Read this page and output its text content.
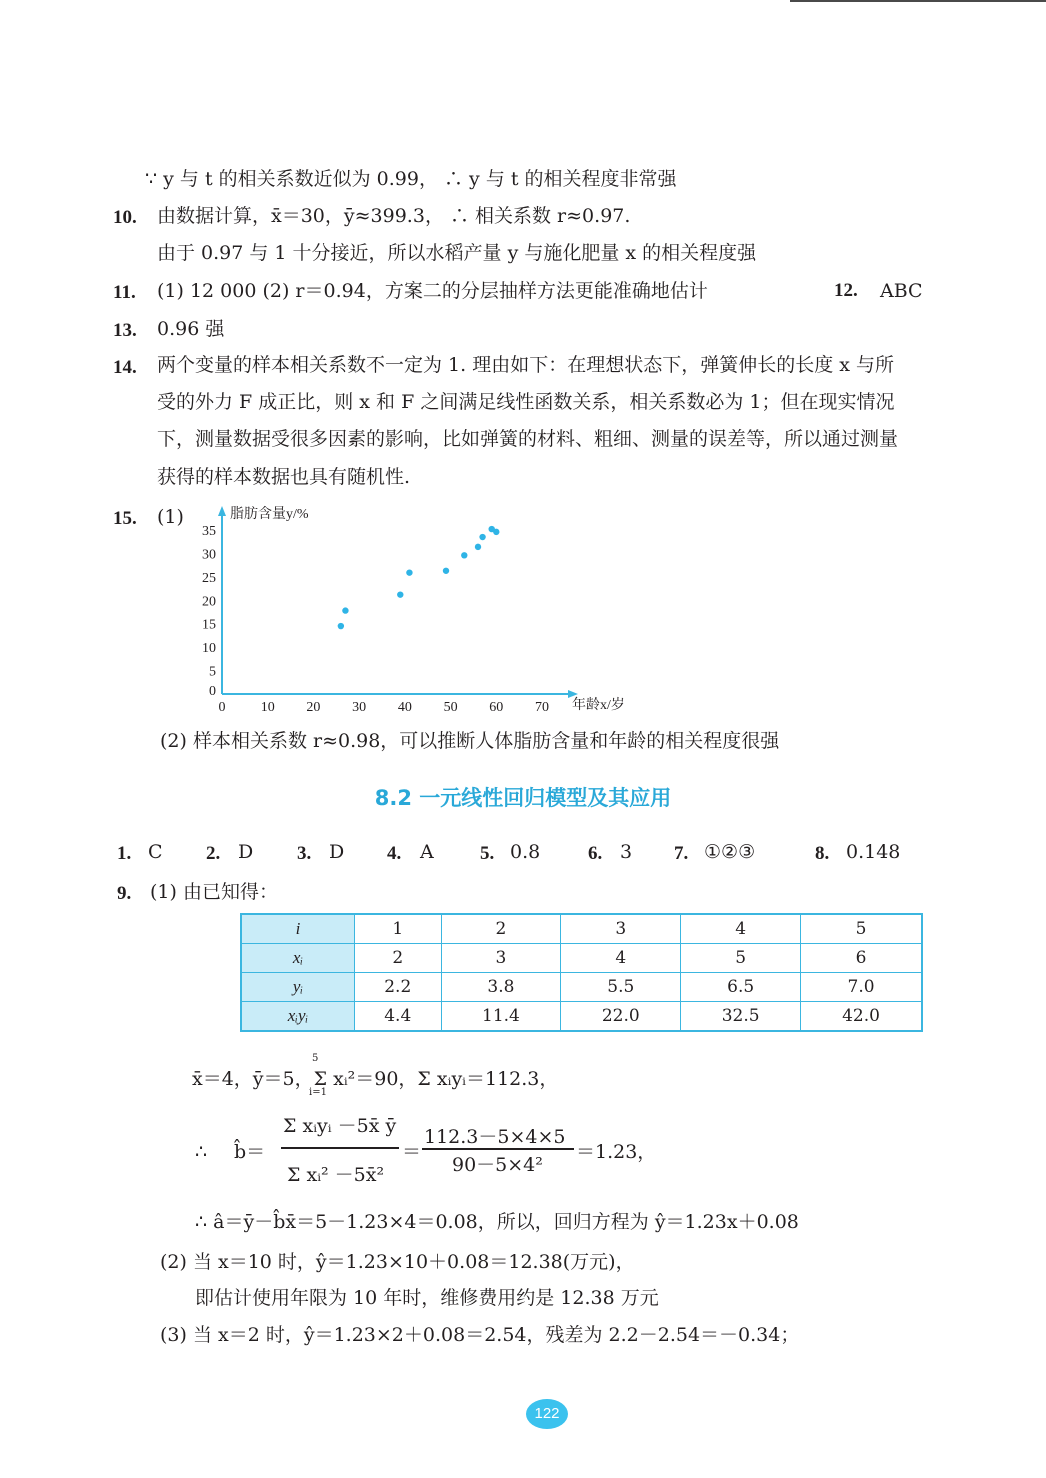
∵ y 与 t 的相关系数近似为 0.99， ∴ y 与 t 的相关程度非常强
10. 由数据计算，x̄＝30，ȳ≈399.3， ∴ 相关系数 r≈0.97.
由于 0.97 与 1 十分接近，所以水稻产量 y 与施化肥量 x 的相关程度强
11. (1) 12 000 (2) r＝0.94，方案二的分层抽样方法更能准确地估计	12. ABC
13. 0.96 强
14. 两个变量的样本相关系数不一定为 1. 理由如下：在理想状态下，弹簧伸长的长度 x 与所
受的外力 F 成正比，则 x 和 F 之间满足线性函数关系，相关系数必为 1；但在现实情况
下，测量数据受很多因素的影响，比如弹簧的材料、粗细、测量的误差等，所以通过测量
获得的样本数据也具有随机性.
15. (1)
10 20 30 40 50 60 70
0
0
5
10
15
20
25
30
35
年龄x/岁
脂肪含量y/%
(2) 样本相关系数 r≈0.98，可以推断人体脂肪含量和年龄的相关程度很强
8.2 一元线性回归模型及其应用
1. C 2. D 3. D 4. A 5. 0.8	6. 3 7. ①②③	8. 0.148
9. (1) 由已知得：
i	1	2	3	4	5
xᵢ	2	3	4	5	6
yᵢ	2.2	3.8	5.5	6.5	7.0
xᵢyᵢ	4.4	11.4	22.0	32.5	42.0
x̄＝4，ȳ＝5，Σ xᵢ²＝90，Σ xᵢyᵢ＝112.3，
5
i=1
∴ b̂＝
Σ xᵢyᵢ －5x̄ ȳ
Σ xᵢ² －5x̄²
＝
112.3－5×4×5
90－5×4²
＝1.23，
∴ â＝ȳ－b̂x̄＝5－1.23×4＝0.08，所以，回归方程为 ŷ＝1.23x＋0.08
(2) 当 x＝10 时，ŷ＝1.23×10＋0.08＝12.38(万元)，
即估计使用年限为 10 年时，维修费用约是 12.38 万元
(3) 当 x＝2 时，ŷ＝1.23×2＋0.08＝2.54，残差为 2.2－2.54＝－0.34；
122
